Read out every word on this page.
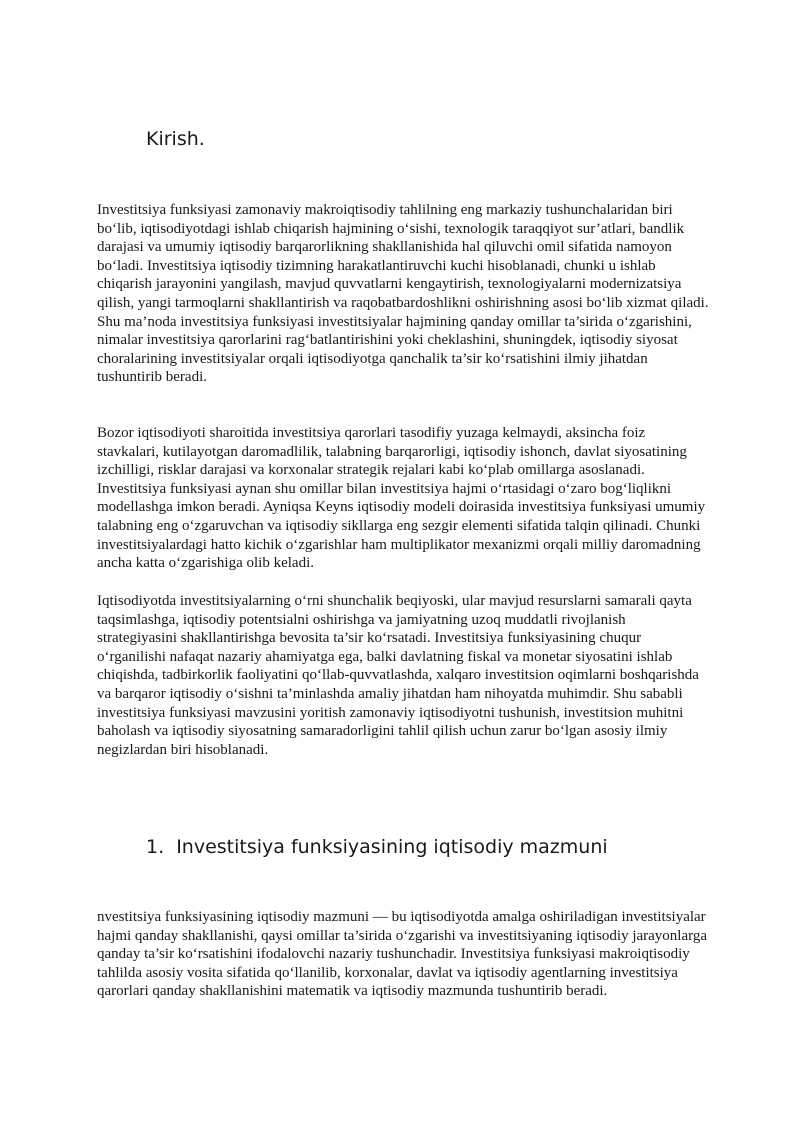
Kirish.

Investitsiya funksiyasi zamonaviy makroiqtisodiy tahlilning eng markaziy tushunchalaridan biri bo‘lib, iqtisodiyotdagi ishlab chiqarish hajmining o‘sishi, texnologik taraqqiyot sur’atlari, bandlik darajasi va umumiy iqtisodiy barqarorlikning shakllanishida hal qiluvchi omil sifatida namoyon bo‘ladi. Investitsiya iqtisodiy tizimning harakatlantiruvchi kuchi hisoblanadi, chunki u ishlab chiqarish jarayonini yangilash, mavjud quvvatlarni kengaytirish, texnologiyalarni modernizatsiya qilish, yangi tarmoqlarni shakllantirish va raqobatbardoshlikni oshirishning asosi bo‘lib xizmat qiladi. Shu ma’noda investitsiya funksiyasi investitsiyalar hajmining qanday omillar ta’sirida o‘zgarishini, nimalar investitsiya qarorlarini rag‘batlantirishini yoki cheklashini, shuningdek, iqtisodiy siyosat choralarining investitsiyalar orqali iqtisodiyotga qanchalik ta’sir ko‘rsatishini ilmiy jihatdan tushuntirib beradi.

Bozor iqtisodiyoti sharoitida investitsiya qarorlari tasodifiy yuzaga kelmaydi, aksincha foiz stavkalari, kutilayotgan daromadlilik, talabning barqarorligi, iqtisodiy ishonch, davlat siyosatining izchilligi, risklar darajasi va korxonalar strategik rejalari kabi ko‘plab omillarga asoslanadi. Investitsiya funksiyasi aynan shu omillar bilan investitsiya hajmi o‘rtasidagi o‘zaro bog‘liqlikni modellashga imkon beradi. Ayniqsa Keyns iqtisodiy modeli doirasida investitsiya funksiyasi umumiy talabning eng o‘zgaruvchan va iqtisodiy sikllarga eng sezgir elementi sifatida talqin qilinadi. Chunki investitsiyalardagi hatto kichik o‘zgarishlar ham multiplikator mexanizmi orqali milliy daromadning ancha katta o‘zgarishiga olib keladi.

Iqtisodiyotda investitsiyalarning o‘rni shunchalik beqiyoski, ular mavjud resurslarni samarali qayta taqsimlashga, iqtisodiy potentsialni oshirishga va jamiyatning uzoq muddatli rivojlanish strategiyasini shakllantirishga bevosita ta’sir ko‘rsatadi. Investitsiya funksiyasining chuqur o‘rganilishi nafaqat nazariy ahamiyatga ega, balki davlatning fiskal va monetar siyosatini ishlab chiqishda, tadbirkorlik faoliyatini qo‘llab-quvvatlashda, xalqaro investitsion oqimlarni boshqarishda va barqaror iqtisodiy o‘sishni ta’minlashda amaliy jihatdan ham nihoyatda muhimdir. Shu sababli investitsiya funksiyasi mavzusini yoritish zamonaviy iqtisodiyotni tushunish, investitsion muhitni baholash va iqtisodiy siyosatning samaradorligini tahlil qilish uchun zarur bo‘lgan asosiy ilmiy negizlardan biri hisoblanadi.

1. Investitsiya funksiyasining iqtisodiy mazmuni

nvestitsiya funksiyasining iqtisodiy mazmuni — bu iqtisodiyotda amalga oshiriladigan investitsiyalar hajmi qanday shakllanishi, qaysi omillar ta’sirida o‘zgarishi va investitsiyaning iqtisodiy jarayonlarga qanday ta’sir ko‘rsatishini ifodalovchi nazariy tushunchadir. Investitsiya funksiyasi makroiqtisodiy tahlilda asosiy vosita sifatida qo‘llanilib, korxonalar, davlat va iqtisodiy agentlarning investitsiya qarorlari qanday shakllanishini matematik va iqtisodiy mazmunda tushuntirib beradi.
